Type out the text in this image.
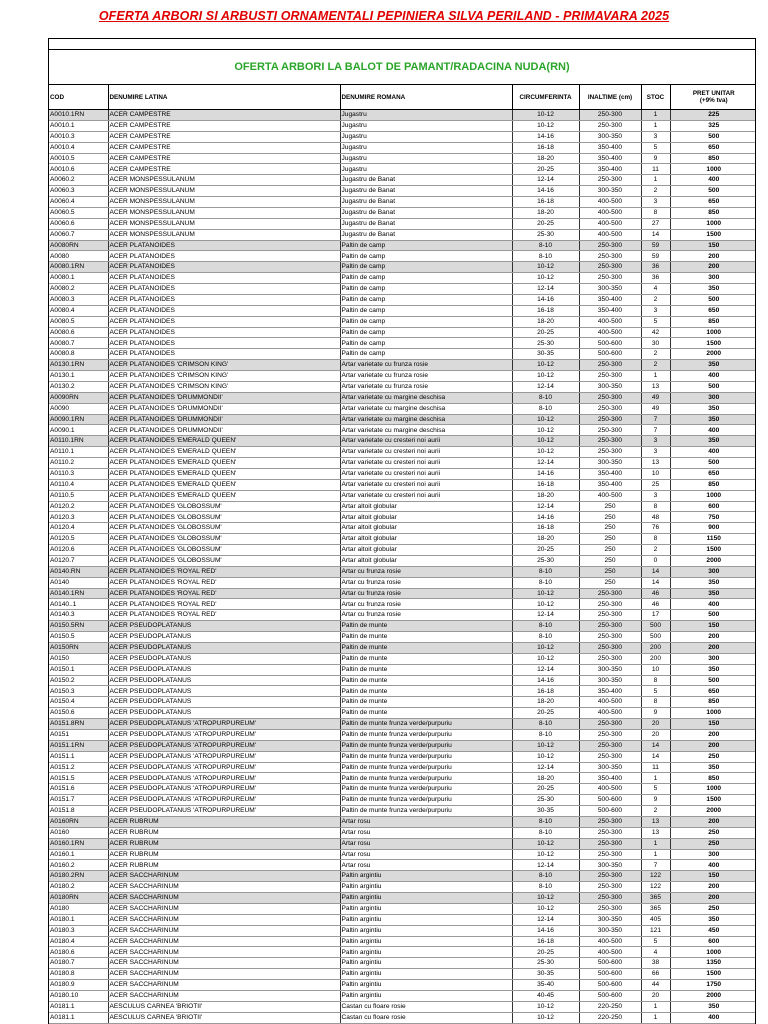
OFERTA ARBORI SI ARBUSTI ORNAMENTALI PEPINIERA SILVA PERILAND - PRIMAVARA 2025
OFERTA ARBORI LA BALOT DE PAMANT/RADACINA NUDA(RN)
COD	DENUMIRE LATINA	DENUMIRE ROMANA	CIRCUMFERINTA	INALTIME (cm)	STOC	PRET UNITAR
(+9% tva)
A0010.1RN	ACER CAMPESTRE	Jugastru	10-12	250-300	1	225
A0010.1	ACER CAMPESTRE	Jugastru	10-12	250-300	1	325
A0010.3	ACER CAMPESTRE	Jugastru	14-16	300-350	3	500
A0010.4	ACER CAMPESTRE	Jugastru	16-18	350-400	5	650
A0010.5	ACER CAMPESTRE	Jugastru	18-20	350-400	9	850
A0010.6	ACER CAMPESTRE	Jugastru	20-25	350-400	11	1000
A0060.2	ACER MONSPESSULANUM	Jugastru de Banat	12-14	250-300	1	400
A0060.3	ACER MONSPESSULANUM	Jugastru de Banat	14-16	300-350	2	500
A0060.4	ACER MONSPESSULANUM	Jugastru de Banat	16-18	400-500	3	650
A0060.5	ACER MONSPESSULANUM	Jugastru de Banat	18-20	400-500	8	850
A0060.6	ACER MONSPESSULANUM	Jugastru de Banat	20-25	400-500	27	1000
A0060.7	ACER MONSPESSULANUM	Jugastru de Banat	25-30	400-500	14	1500
A0080RN	ACER PLATANOIDES	Paltin de camp	8-10	250-300	59	150
A0080	ACER PLATANOIDES	Paltin de camp	8-10	250-300	59	200
A0080.1RN	ACER PLATANOIDES	Paltin de camp	10-12	250-300	36	200
A0080.1	ACER PLATANOIDES	Paltin de camp	10-12	250-300	36	300
A0080.2	ACER PLATANOIDES	Paltin de camp	12-14	300-350	4	350
A0080.3	ACER PLATANOIDES	Paltin de camp	14-16	350-400	2	500
A0080.4	ACER PLATANOIDES	Paltin de camp	16-18	350-400	3	650
A0080.5	ACER PLATANOIDES	Paltin de camp	18-20	400-500	5	850
A0080.6	ACER PLATANOIDES	Paltin de camp	20-25	400-500	42	1000
A0080.7	ACER PLATANOIDES	Paltin de camp	25-30	500-600	30	1500
A0080.8	ACER PLATANOIDES	Paltin de camp	30-35	500-600	2	2000
A0130.1RN	ACER PLATANOIDES 'CRIMSON KING'	Artar varietate cu frunza rosie	10-12	250-300	2	350
A0130.1	ACER PLATANOIDES 'CRIMSON KING'	Artar varietate cu frunza rosie	10-12	250-300	1	400
A0130.2	ACER PLATANOIDES 'CRIMSON KING'	Artar varietate cu frunza rosie	12-14	300-350	13	500
A0090RN	ACER PLATANOIDES 'DRUMMONDII'	Artar varietate cu margine deschisa	8-10	250-300	49	300
A0090	ACER PLATANOIDES 'DRUMMONDII'	Artar varietate cu margine deschisa	8-10	250-300	49	350
A0090.1RN	ACER PLATANOIDES 'DRUMMONDII'	Artar varietate cu margine deschisa	10-12	250-300	7	350
A0090.1	ACER PLATANOIDES 'DRUMMONDII'	Artar varietate cu margine deschisa	10-12	250-300	7	400
A0110.1RN	ACER PLATANOIDES 'EMERALD QUEEN'	Artar varietate cu cresteri noi aurii	10-12	250-300	3	350
A0110.1	ACER PLATANOIDES 'EMERALD QUEEN'	Artar varietate cu cresteri noi aurii	10-12	250-300	3	400
A0110.2	ACER PLATANOIDES 'EMERALD QUEEN'	Artar varietate cu cresteri noi aurii	12-14	300-350	13	500
A0110.3	ACER PLATANOIDES 'EMERALD QUEEN'	Artar varietate cu cresteri noi aurii	14-16	350-400	10	650
A0110.4	ACER PLATANOIDES 'EMERALD QUEEN'	Artar varietate cu cresteri noi aurii	16-18	350-400	25	850
A0110.5	ACER PLATANOIDES 'EMERALD QUEEN'	Artar varietate cu cresteri noi aurii	18-20	400-500	3	1000
A0120.2	ACER PLATANOIDES 'GLOBOSSUM'	Artar altoit globular	12-14	250	8	600
A0120.3	ACER PLATANOIDES 'GLOBOSSUM'	Artar altoit globular	14-16	250	48	750
A0120.4	ACER PLATANOIDES 'GLOBOSSUM'	Artar altoit globular	16-18	250	76	900
A0120.5	ACER PLATANOIDES 'GLOBOSSUM'	Artar altoit globular	18-20	250	8	1150
A0120.6	ACER PLATANOIDES 'GLOBOSSUM'	Artar altoit globular	20-25	250	2	1500
A0120.7	ACER PLATANOIDES 'GLOBOSSUM'	Artar altoit globular	25-30	250	0	2000
A0140.RN	ACER PLATANOIDES 'ROYAL RED'	Artar cu frunza rosie	8-10	250	14	300
A0140	ACER PLATANOIDES 'ROYAL RED'	Artar cu frunza rosie	8-10	250	14	350
A0140.1RN	ACER PLATANOIDES 'ROYAL RED'	Artar cu frunza rosie	10-12	250-300	46	350
A0140..1	ACER PLATANOIDES 'ROYAL RED'	Artar cu frunza rosie	10-12	250-300	46	400
A0140.3	ACER PLATANOIDES 'ROYAL RED'	Artar cu frunza rosie	12-14	250-300	17	500
A0150.5RN	ACER PSEUDOPLATANUS	Paltin de munte	8-10	250-300	500	150
A0150.5	ACER PSEUDOPLATANUS	Paltin de munte	8-10	250-300	500	200
A0150RN	ACER PSEUDOPLATANUS	Paltin de munte	10-12	250-300	200	200
A0150	ACER PSEUDOPLATANUS	Paltin de munte	10-12	250-300	200	300
A0150.1	ACER PSEUDOPLATANUS	Paltin de munte	12-14	300-350	10	350
A0150.2	ACER PSEUDOPLATANUS	Paltin de munte	14-16	300-350	8	500
A0150.3	ACER PSEUDOPLATANUS	Paltin de munte	16-18	350-400	5	650
A0150.4	ACER PSEUDOPLATANUS	Paltin de munte	18-20	400-500	8	850
A0150.6	ACER PSEUDOPLATANUS	Paltin de munte	20-25	400-500	9	1000
A0151.8RN	ACER PSEUDOPLATANUS 'ATROPURPUREUM'	Paltin de munte frunza verde/purpuriu	8-10	250-300	20	150
A0151	ACER PSEUDOPLATANUS 'ATROPURPUREUM'	Paltin de munte frunza verde/purpuriu	8-10	250-300	20	200
A0151.1RN	ACER PSEUDOPLATANUS 'ATROPURPUREUM'	Paltin de munte frunza verde/purpuriu	10-12	250-300	14	200
A0151.1	ACER PSEUDOPLATANUS 'ATROPURPUREUM'	Paltin de munte frunza verde/purpuriu	10-12	250-300	14	250
A0151.2	ACER PSEUDOPLATANUS 'ATROPURPUREUM'	Paltin de munte frunza verde/purpuriu	12-14	300-350	11	350
A0151.5	ACER PSEUDOPLATANUS 'ATROPURPUREUM'	Paltin de munte frunza verde/purpuriu	18-20	350-400	1	850
A0151.6	ACER PSEUDOPLATANUS 'ATROPURPUREUM'	Paltin de munte frunza verde/purpuriu	20-25	400-500	5	1000
A0151.7	ACER PSEUDOPLATANUS 'ATROPURPUREUM'	Paltin de munte frunza verde/purpuriu	25-30	500-600	9	1500
A0151.8	ACER PSEUDOPLATANUS 'ATROPURPUREUM'	Paltin de munte frunza verde/purpuriu	30-35	500-600	2	2000
A0160RN	ACER RUBRUM	Artar rosu	8-10	250-300	13	200
A0160	ACER RUBRUM	Artar rosu	8-10	250-300	13	250
A0160.1RN	ACER RUBRUM	Artar rosu	10-12	250-300	1	250
A0160.1	ACER RUBRUM	Artar rosu	10-12	250-300	1	300
A0160.2	ACER RUBRUM	Artar rosu	12-14	300-350	7	400
A0180.2RN	ACER SACCHARINUM	Paltin argintiu	8-10	250-300	122	150
A0180.2	ACER SACCHARINUM	Paltin argintiu	8-10	250-300	122	200
A0180RN	ACER SACCHARINUM	Paltin argintiu	10-12	250-300	365	200
A0180	ACER SACCHARINUM	Paltin argintiu	10-12	250-300	365	250
A0180.1	ACER SACCHARINUM	Paltin argintiu	12-14	300-350	405	350
A0180.3	ACER SACCHARINUM	Paltin argintiu	14-16	300-350	121	450
A0180.4	ACER SACCHARINUM	Paltin argintiu	16-18	400-500	5	600
A0180.6	ACER SACCHARINUM	Paltin argintiu	20-25	400-500	4	1000
A0180.7	ACER SACCHARINUM	Paltin argintiu	25-30	500-600	38	1350
A0180.8	ACER SACCHARINUM	Paltin argintiu	30-35	500-600	66	1500
A0180.9	ACER SACCHARINUM	Paltin argintiu	35-40	500-600	44	1750
A0180.10	ACER SACCHARINUM	Paltin argintiu	40-45	500-600	20	2000
A0181.1	AESCULUS CARNEA 'BRIOTII'	Castan cu floare rosie	10-12	220-250	1	350
A0181.1	AESCULUS CARNEA 'BRIOTII'	Castan cu floare rosie	10-12	220-250	1	400
